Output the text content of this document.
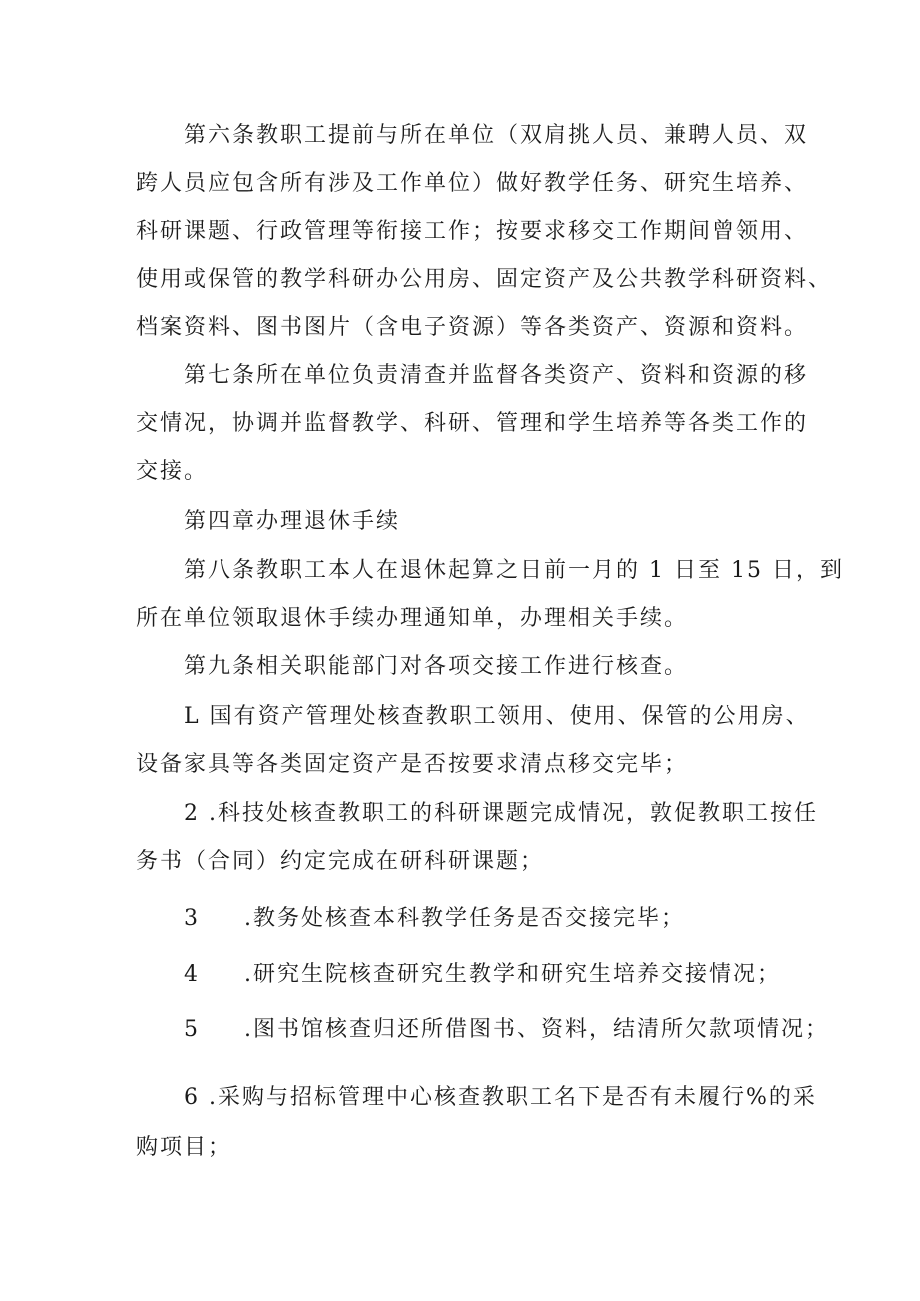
第六条教职工提前与所在单位（双肩挑人员、兼聘人员、双
跨人员应包含所有涉及工作单位）做好教学任务、研究生培养、
科研课题、行政管理等衔接工作；按要求移交工作期间曾领用、
使用或保管的教学科研办公用房、固定资产及公共教学科研资料、
档案资料、图书图片（含电子资源）等各类资产、资源和资料。
第七条所在单位负责清查并监督各类资产、资料和资源的移
交情况，协调并监督教学、科研、管理和学生培养等各类工作的
交接。
第四章办理退休手续
第八条教职工本人在退休起算之日前一月的 1 日至 15 日，到
所在单位领取退休手续办理通知单，办理相关手续。
第九条相关职能部门对各项交接工作进行核查。
L 国有资产管理处核查教职工领用、使用、保管的公用房、
设备家具等各类固定资产是否按要求清点移交完毕；
2 .科技处核查教职工的科研课题完成情况，敦促教职工按任
务书（合同）约定完成在研科研课题；
3 .教务处核查本科教学任务是否交接完毕；
4 .研究生院核查研究生教学和研究生培养交接情况；
5 .图书馆核查归还所借图书、资料，结清所欠款项情况；
6 .采购与招标管理中心核查教职工名下是否有未履行%的采
购项目；
